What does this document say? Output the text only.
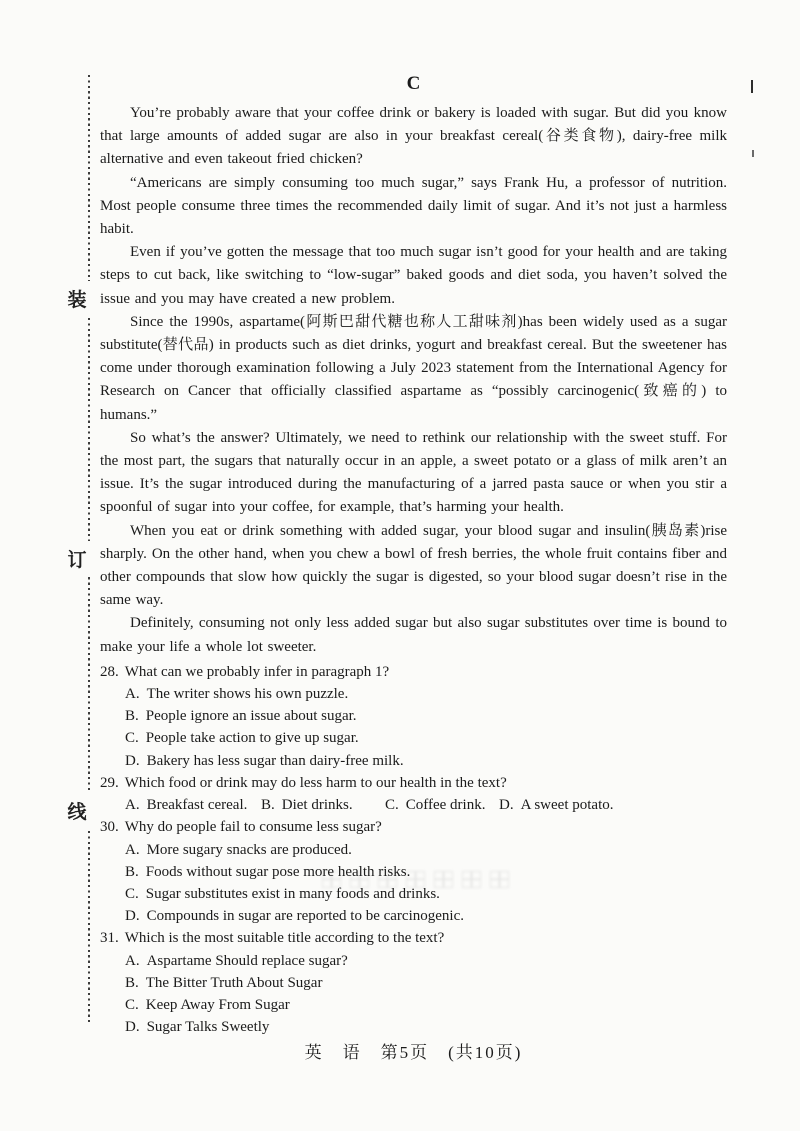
装
订
线
C

You’re probably aware that your coffee drink or bakery is loaded with sugar. But did you know that large amounts of added sugar are also in your breakfast cereal(谷类食物), dairy-free milk alternative and even takeout fried chicken?

“Americans are simply consuming too much sugar,” says Frank Hu, a professor of nutrition. Most people consume three times the recommended daily limit of sugar. And it’s not just a harmless habit.

Even if you’ve gotten the message that too much sugar isn’t good for your health and are taking steps to cut back, like switching to “low-sugar” baked goods and diet soda, you haven’t solved the issue and you may have created a new problem.

Since the 1990s, aspartame(阿斯巴甜代糖也称人工甜味剂)has been widely used as a sugar substitute(替代品) in products such as diet drinks, yogurt and breakfast cereal. But the sweetener has come under thorough examination following a July 2023 statement from the International Agency for Research on Cancer that officially classified aspartame as “possibly carcinogenic(致癌的) to humans.”

So what’s the answer? Ultimately, we need to rethink our relationship with the sweet stuff. For the most part, the sugars that naturally occur in an apple, a sweet potato or a glass of milk aren’t an issue. It’s the sugar introduced during the manufacturing of a jarred pasta sauce or when you stir a spoonful of sugar into your coffee, for example, that’s harming your health.

When you eat or drink something with added sugar, your blood sugar and insulin(胰岛素)rise sharply. On the other hand, when you chew a bowl of fresh berries, the whole fruit contains fiber and other compounds that slow how quickly the sugar is digested, so your blood sugar doesn’t rise in the same way.

Definitely, consuming not only less added sugar but also sugar substitutes over time is bound to make your life a whole lot sweeter.

28. What can we probably infer in paragraph 1?
A. The writer shows his own puzzle.
B. People ignore an issue about sugar.
C. People take action to give up sugar.
D. Bakery has less sugar than dairy-free milk.
29. Which food or drink may do less harm to our health in the text?
A. Breakfast cereal. B. Diet drinks. C. Coffee drink. D. A sweet potato.
30. Why do people fail to consume less sugar?
A. More sugary snacks are produced.
B. Foods without sugar pose more health risks.
C. Sugar substitutes exist in many foods and drinks.
D. Compounds in sugar are reported to be carcinogenic.
31. Which is the most suitable title according to the text?
A. Aspartame Should replace sugar?
B. The Bitter Truth About Sugar
C. Keep Away From Sugar
D. Sugar Talks Sweetly
英　语　第5页　(共10页)
